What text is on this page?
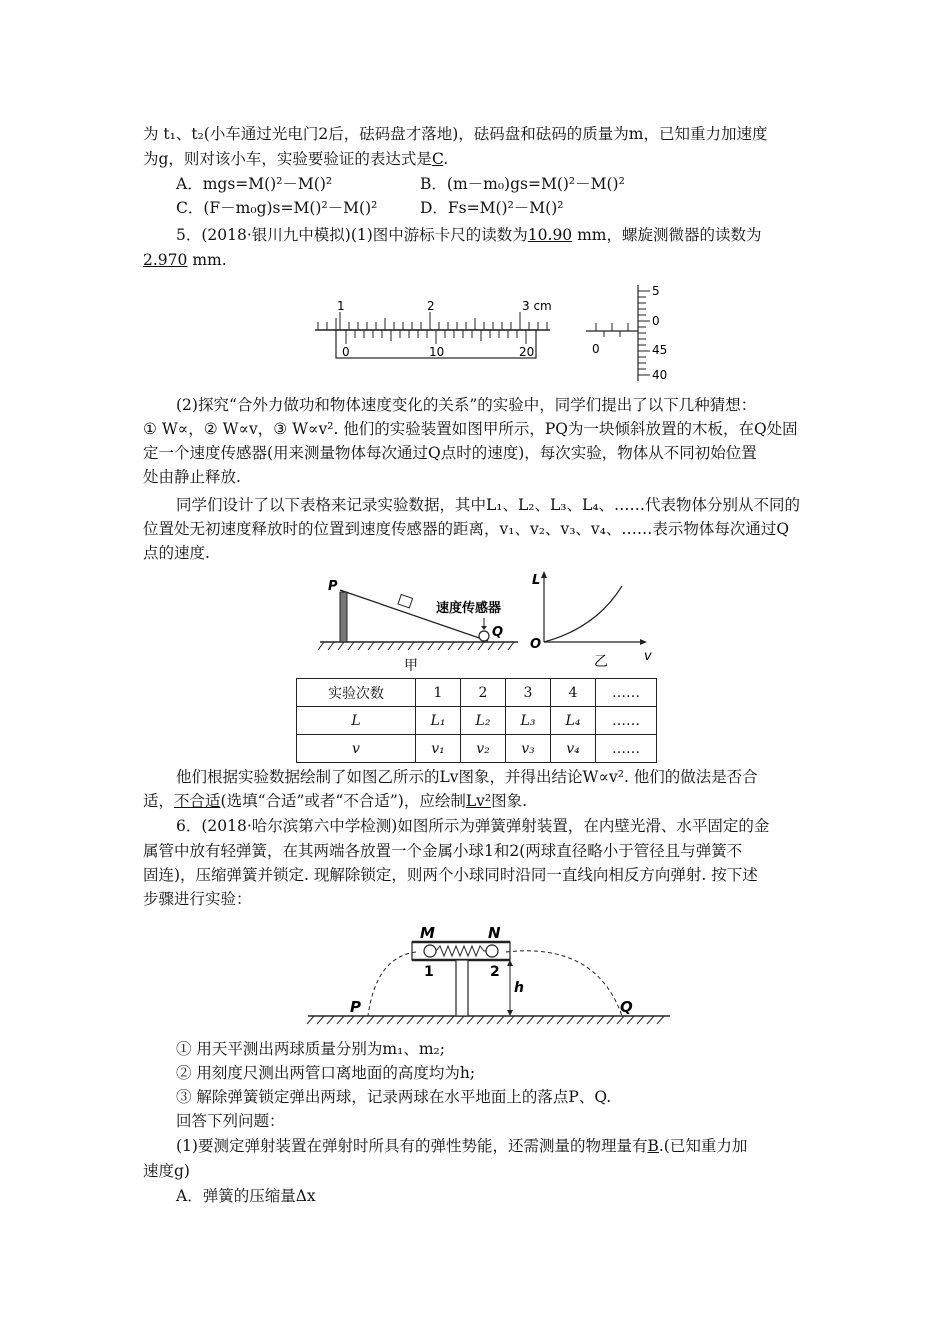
为 t₁、t₂(小车通过光电门2后，砝码盘才落地)，砝码盘和砝码的质量为m，已知重力加速度
为g，则对该小车，实验要验证的表达式是C.
A．mgs=M()²－M()²	B．(m－m₀)gs=M()²－M()²
C．(F－m₀g)s=M()²－M()²	D．Fs=M()²－M()²
5．(2018·银川九中模拟)(1)图中游标卡尺的读数为10.90 mm，螺旋测微器的读数为
2.970 mm.
1	2	3 cm
0	10	20
5
0
45
40
0
(2)探究“合外力做功和物体速度变化的关系”的实验中，同学们提出了以下几种猜想：
① W∝，② W∝v，③ W∝v². 他们的实验装置如图甲所示，PQ为一块倾斜放置的木板，在Q处固
定一个速度传感器(用来测量物体每次通过Q点时的速度)，每次实验，物体从不同初始位置
处由静止释放.
同学们设计了以下表格来记录实验数据，其中L₁、L₂、L₃、L₄、……代表物体分别从不同的
位置处无初速度释放时的位置到速度传感器的距离，v₁、v₂、v₃、v₄、……表示物体每次通过Q
点的速度.
P
Q
速度传感器
甲
L
O
v
乙
实验次数	1	2	3	4	……
L	L₁	L₂	L₃	L₄	……
v	v₁	v₂	v₃	v₄	……
他们根据实验数据绘制了如图乙所示的Lv图象，并得出结论W∝v². 他们的做法是否合
适，不合适(选填“合适”或者“不合适”)，应绘制Lv²图象.
6．(2018·哈尔滨第六中学检测)如图所示为弹簧弹射装置，在内壁光滑、水平固定的金
属管中放有轻弹簧，在其两端各放置一个金属小球1和2(两球直径略小于管径且与弹簧不
固连)，压缩弹簧并锁定. 现解除锁定，则两个小球同时沿同一直线向相反方向弹射. 按下述
步骤进行实验：
M	N
1	2
h
P	Q
① 用天平测出两球质量分别为m₁、m₂;
② 用刻度尺测出两管口离地面的高度均为h;
③ 解除弹簧锁定弹出两球，记录两球在水平地面上的落点P、Q.
回答下列问题：
(1)要测定弹射装置在弹射时所具有的弹性势能，还需测量的物理量有B.(已知重力加
速度g)
A．弹簧的压缩量Δx
